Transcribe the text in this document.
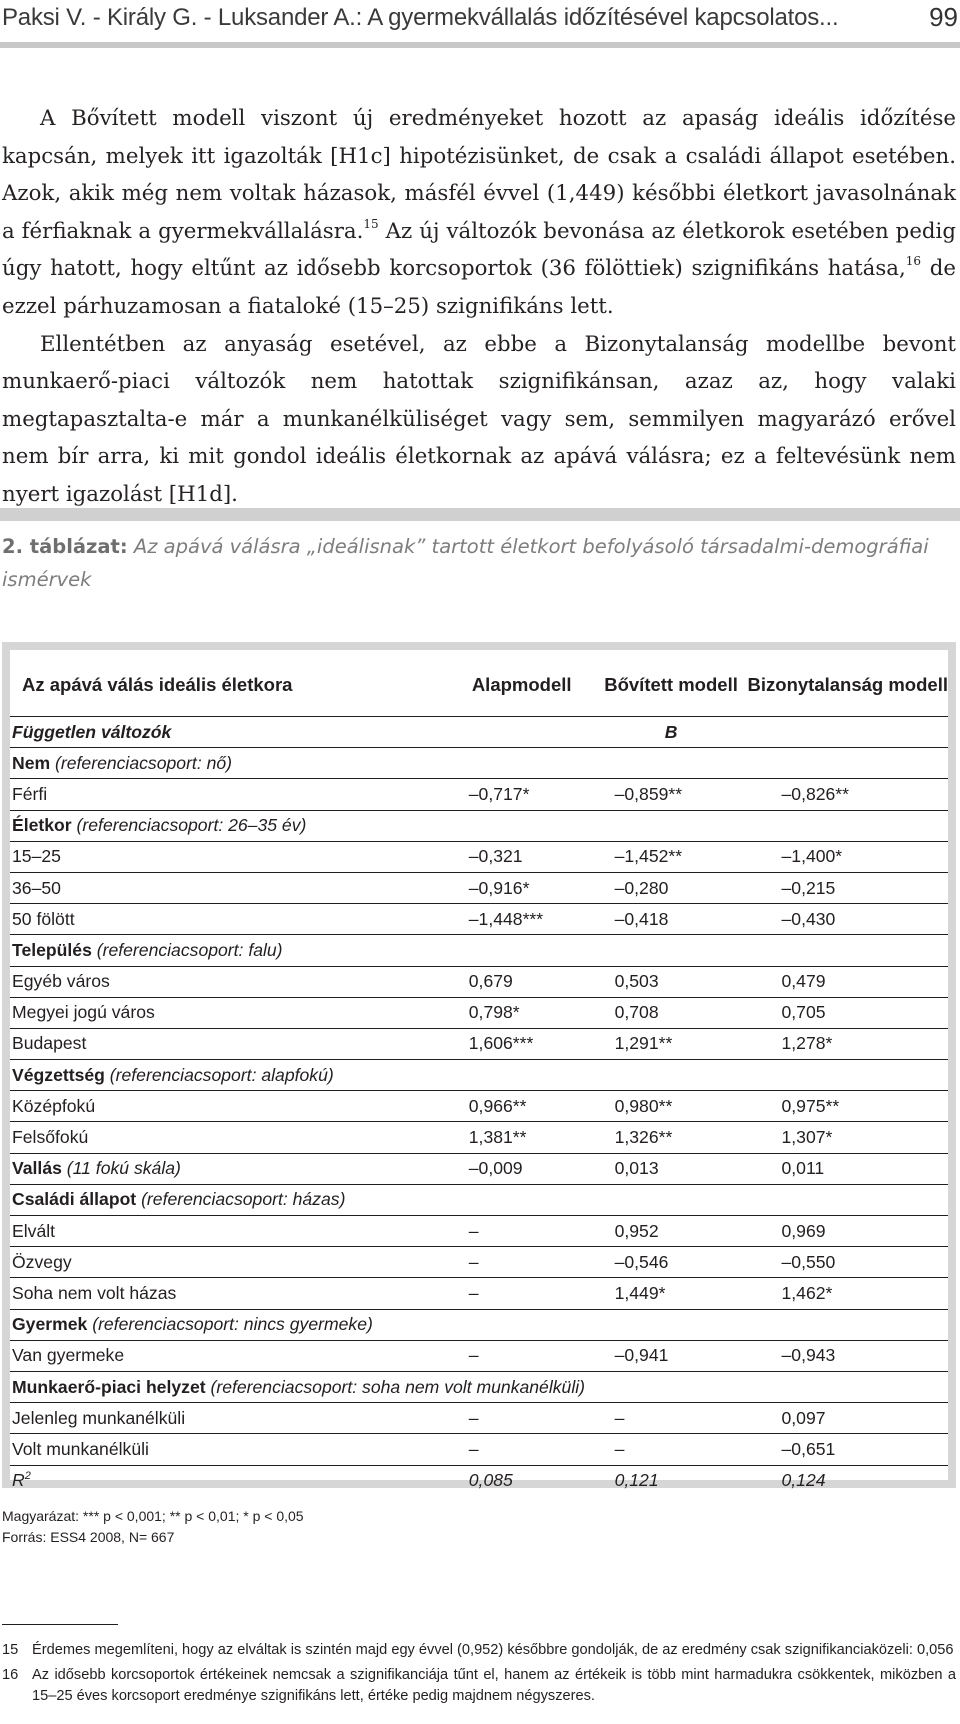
Paksi V. - Király G. - Luksander A.: A gyermekvállalás időzítésével kapcsolatos...	99

A Bővített modell viszont új eredményeket hozott az apaság ideális időzítése kapcsán, melyek itt igazolták [H1c] hipotézisünket, de csak a családi állapot esetében. Azok, akik még nem voltak házasok, másfél évvel (1,449) későbbi életkort javasolnának a férfiaknak a gyermekvállalásra.$^{15}$ Az új változók bevonása az életkorok esetében pedig úgy hatott, hogy eltűnt az idősebb korcsoportok (36 fölöttiek) szignifikáns hatása,$^{16}$ de ezzel párhuzamosan a fiataloké (15–25) szignifikáns lett.

Ellentétben az anyaság esetével, az ebbe a Bizonytalanság modellbe bevont munkaerő-piaci változók nem hatottak szignifikánsan, azaz az, hogy valaki megtapasztalta-e már a munkanélküliséget vagy sem, semmilyen magyarázó erővel nem bír arra, ki mit gondol ideális életkornak az apává válásra; ez a feltevésünk nem nyert igazolást [H1d].

2. táblázat: Az apává válásra „ideálisnak” tartott életkort befolyásoló társadalmi-demográfiai ismérvek
Az apává válás ideális életkora	Alapmodell	Bővített modell	Bizonytalanság modell
Független változók		B	
Nem (referenciacsoport: nő)			
Férfi	–0,717*	–0,859**	–0,826**
Életkor (referenciacsoport: 26–35 év)			
15–25	–0,321	–1,452**	–1,400*
36–50	–0,916*	–0,280	–0,215
50 fölött	–1,448***	–0,418	–0,430
Település (referenciacsoport: falu)			
Egyéb város	0,679	0,503	0,479
Megyei jogú város	0,798*	0,708	0,705
Budapest	1,606***	1,291**	1,278*
Végzettség (referenciacsoport: alapfokú)			
Középfokú	0,966**	0,980**	0,975**
Felsőfokú	1,381**	1,326**	1,307*
Vallás (11 fokú skála)	–0,009	0,013	0,011
Családi állapot (referenciacsoport: házas)			
Elvált	–	0,952	0,969
Özvegy	–	–0,546	–0,550
Soha nem volt házas	–	1,449*	1,462*
Gyermek (referenciacsoport: nincs gyermeke)			
Van gyermeke	–	–0,941	–0,943
Munkaerő-piaci helyzet (referenciacsoport: soha nem volt munkanélküli)			
Jelenleg munkanélküli	–	–	0,097
Volt munkanélküli	–	–	–0,651
$R^2$	0,085	0,121	0,124
Magyarázat: *** p < 0,001; ** p < 0,01; * p < 0,05
Forrás: ESS4 2008, N= 667
15 Érdemes megemlíteni, hogy az elváltak is szintén majd egy évvel (0,952) későbbre gondolják, de az eredmény csak szignifikanciaközeli: 0,056
16 Az idősebb korcsoportok értékeinek nemcsak a szignifikanciája tűnt el, hanem az értékeik is több mint harmadukra csökkentek, miközben a 15–25 éves korcsoport eredménye szignifikáns lett, értéke pedig majdnem négyszeres.
